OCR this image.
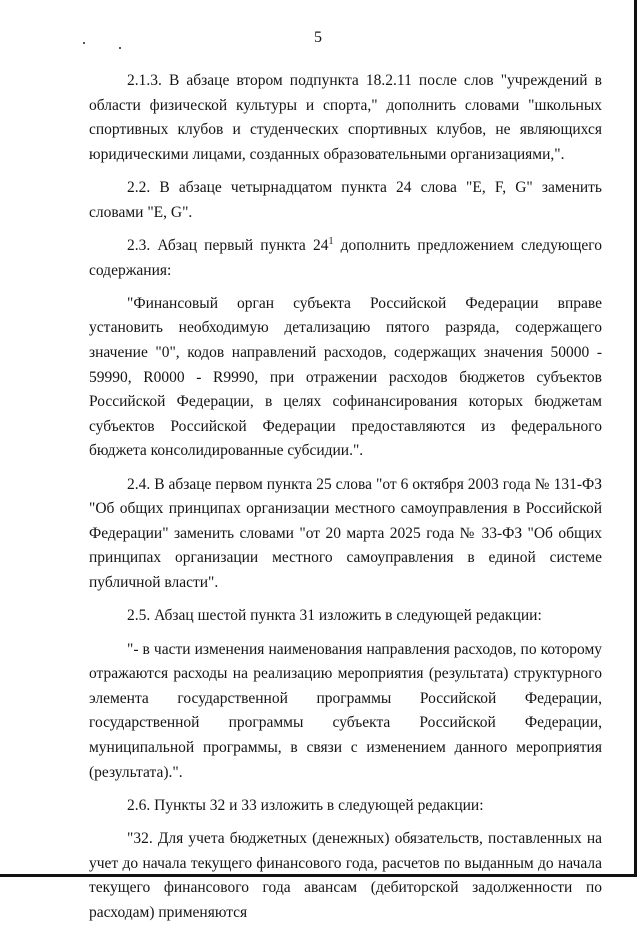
5

2.1.3. В абзаце втором подпункта 18.2.11 после слов "учреждений в области физической культуры и спорта," дополнить словами "школьных спортивных клубов и студенческих спортивных клубов, не являющихся юридическими лицами, созданных образовательными организациями,".

2.2. В абзаце четырнадцатом пункта 24 слова "E, F, G" заменить словами "E, G".

2.3. Абзац первый пункта $24^1$ дополнить предложением следующего содержания:

"Финансовый орган субъекта Российской Федерации вправе установить необходимую детализацию пятого разряда, содержащего значение "0", кодов направлений расходов, содержащих значения 50000 - 59990, R0000 - R9990, при отражении расходов бюджетов субъектов Российской Федерации, в целях софинансирования которых бюджетам субъектов Российской Федерации предоставляются из федерального бюджета консолидированные субсидии.".

2.4. В абзаце первом пункта 25 слова "от 6 октября 2003 года № 131-ФЗ "Об общих принципах организации местного самоуправления в Российской Федерации" заменить словами "от 20 марта 2025 года № 33-ФЗ "Об общих принципах организации местного самоуправления в единой системе публичной власти".

2.5. Абзац шестой пункта 31 изложить в следующей редакции:

"- в части изменения наименования направления расходов, по которому отражаются расходы на реализацию мероприятия (результата) структурного элемента государственной программы Российской Федерации, государственной программы субъекта Российской Федерации, муниципальной программы, в связи с изменением данного мероприятия (результата).".

2.6. Пункты 32 и 33 изложить в следующей редакции:

"32. Для учета бюджетных (денежных) обязательств, поставленных на учет до начала текущего финансового года, расчетов по выданным до начала текущего финансового года авансам (дебиторской задолженности по расходам) применяются
